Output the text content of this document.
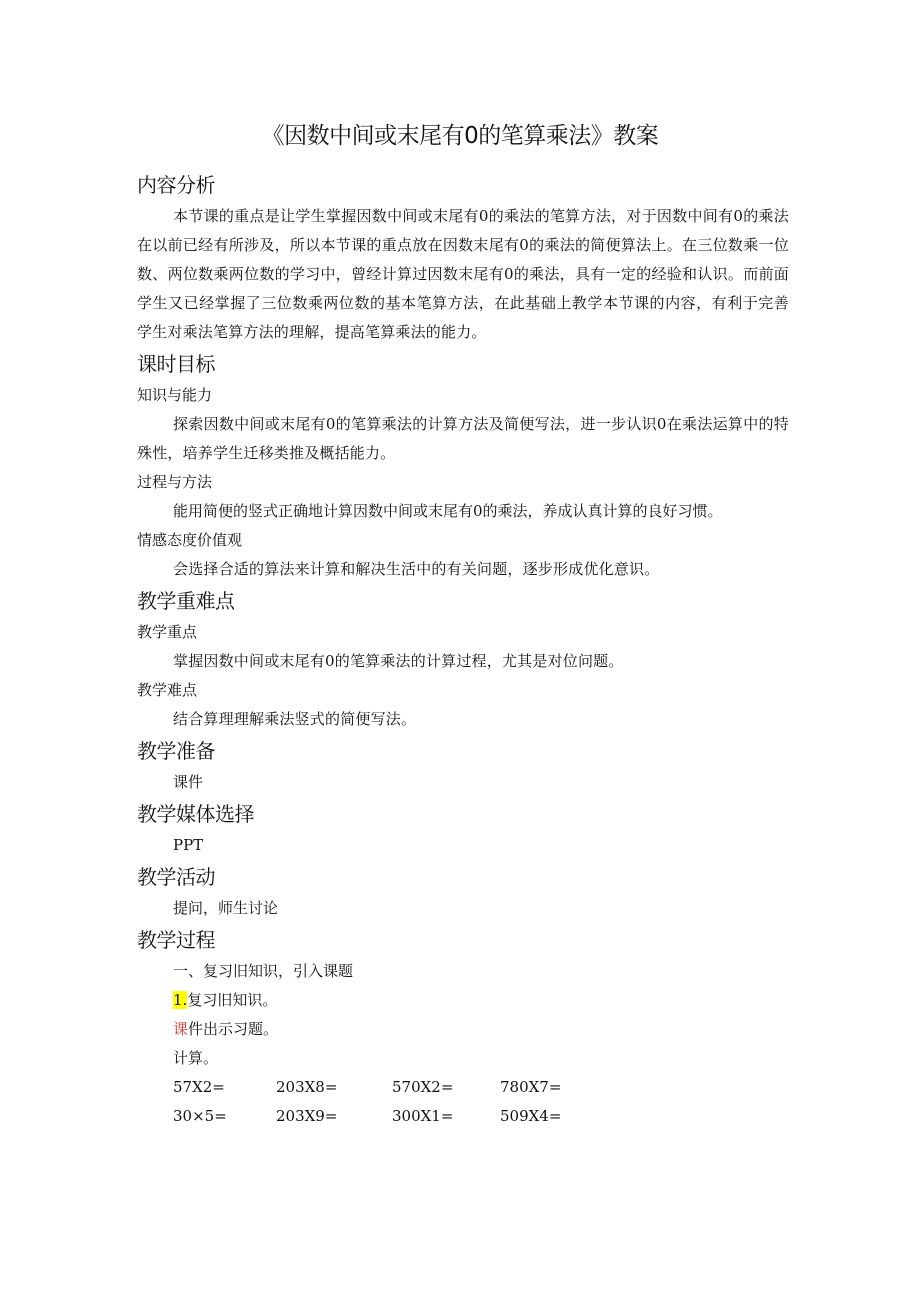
《因数中间或末尾有0的笔算乘法》教案
内容分析

本节课的重点是让学生掌握因数中间或末尾有0的乘法的笔算方法，对于因数中间有0的乘法在以前已经有所涉及，所以本节课的重点放在因数末尾有0的乘法的简便算法上。在三位数乘一位数、两位数乘两位数的学习中，曾经计算过因数末尾有0的乘法，具有一定的经验和认识。而前面学生又已经掌握了三位数乘两位数的基本笔算方法，在此基础上教学本节课的内容，有利于完善学生对乘法笔算方法的理解，提高笔算乘法的能力。

课时目标
知识与能力

探索因数中间或末尾有0的笔算乘法的计算方法及简便写法，进一步认识0在乘法运算中的特殊性，培养学生迁移类推及概括能力。

过程与方法

能用简便的竖式正确地计算因数中间或末尾有0的乘法，养成认真计算的良好习惯。

情感态度价值观

会选择合适的算法来计算和解决生活中的有关问题，逐步形成优化意识。

教学重难点
教学重点

掌握因数中间或末尾有0的笔算乘法的计算过程，尤其是对位问题。

教学难点

结合算理理解乘法竖式的简便写法。

教学准备

课件

教学媒体选择

PPT

教学活动

提问，师生讨论

教学过程

一、复习旧知识，引入课题

1.复习旧知识。

课件出示习题。

计算。

57X2=	203X8=	570X2=	780X7=
30×5=	203X9=	300X1=	509X4=
